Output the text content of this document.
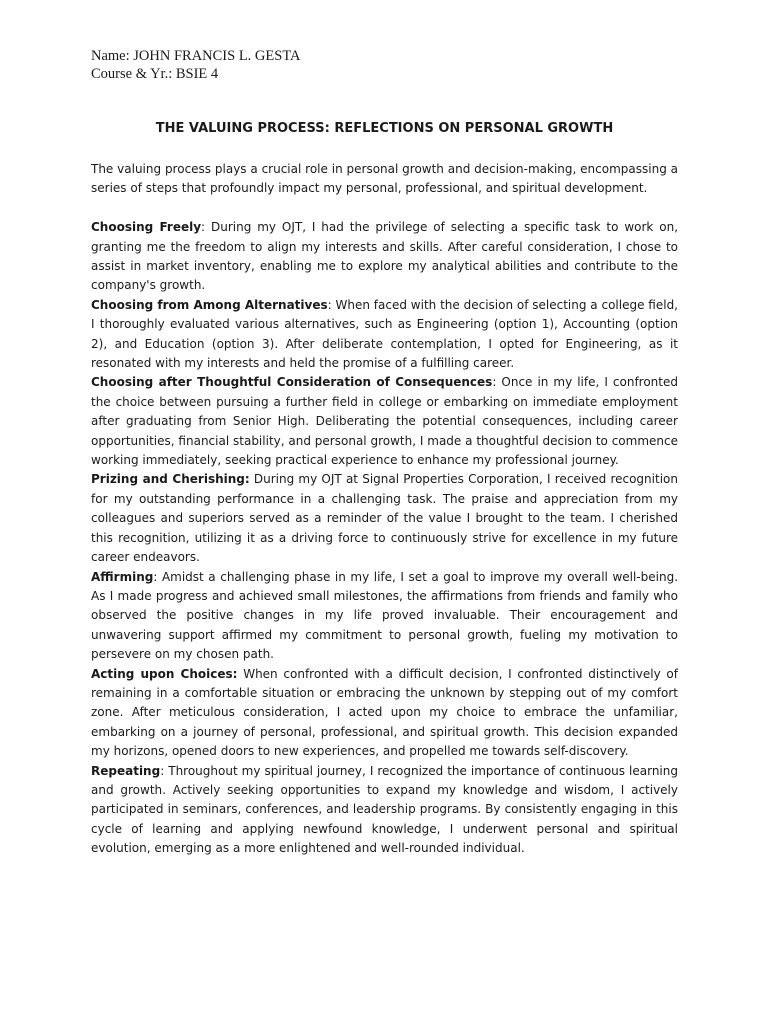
Name: JOHN FRANCIS L. GESTA
Course & Yr.: BSIE 4
THE VALUING PROCESS: REFLECTIONS ON PERSONAL GROWTH

The valuing process plays a crucial role in personal growth and decision-making, encompassing a series of steps that profoundly impact my personal, professional, and spiritual development.

Choosing Freely: During my OJT, I had the privilege of selecting a specific task to work on, granting me the freedom to align my interests and skills. After careful consideration, I chose to assist in market inventory, enabling me to explore my analytical abilities and contribute to the company's growth.

Choosing from Among Alternatives: When faced with the decision of selecting a college field, I thoroughly evaluated various alternatives, such as Engineering (option 1), Accounting (option 2), and Education (option 3). After deliberate contemplation, I opted for Engineering, as it resonated with my interests and held the promise of a fulfilling career.

Choosing after Thoughtful Consideration of Consequences: Once in my life, I confronted the choice between pursuing a further field in college or embarking on immediate employment after graduating from Senior High. Deliberating the potential consequences, including career opportunities, financial stability, and personal growth, I made a thoughtful decision to commence working immediately, seeking practical experience to enhance my professional journey.

Prizing and Cherishing: During my OJT at Signal Properties Corporation, I received recognition for my outstanding performance in a challenging task. The praise and appreciation from my colleagues and superiors served as a reminder of the value I brought to the team. I cherished this recognition, utilizing it as a driving force to continuously strive for excellence in my future career endeavors.

Affirming: Amidst a challenging phase in my life, I set a goal to improve my overall well-being. As I made progress and achieved small milestones, the affirmations from friends and family who observed the positive changes in my life proved invaluable. Their encouragement and unwavering support affirmed my commitment to personal growth, fueling my motivation to persevere on my chosen path.

Acting upon Choices: When confronted with a difficult decision, I confronted distinctively of remaining in a comfortable situation or embracing the unknown by stepping out of my comfort zone. After meticulous consideration, I acted upon my choice to embrace the unfamiliar, embarking on a journey of personal, professional, and spiritual growth. This decision expanded my horizons, opened doors to new experiences, and propelled me towards self-discovery.

Repeating: Throughout my spiritual journey, I recognized the importance of continuous learning and growth. Actively seeking opportunities to expand my knowledge and wisdom, I actively participated in seminars, conferences, and leadership programs. By consistently engaging in this cycle of learning and applying newfound knowledge, I underwent personal and spiritual evolution, emerging as a more enlightened and well-rounded individual.
